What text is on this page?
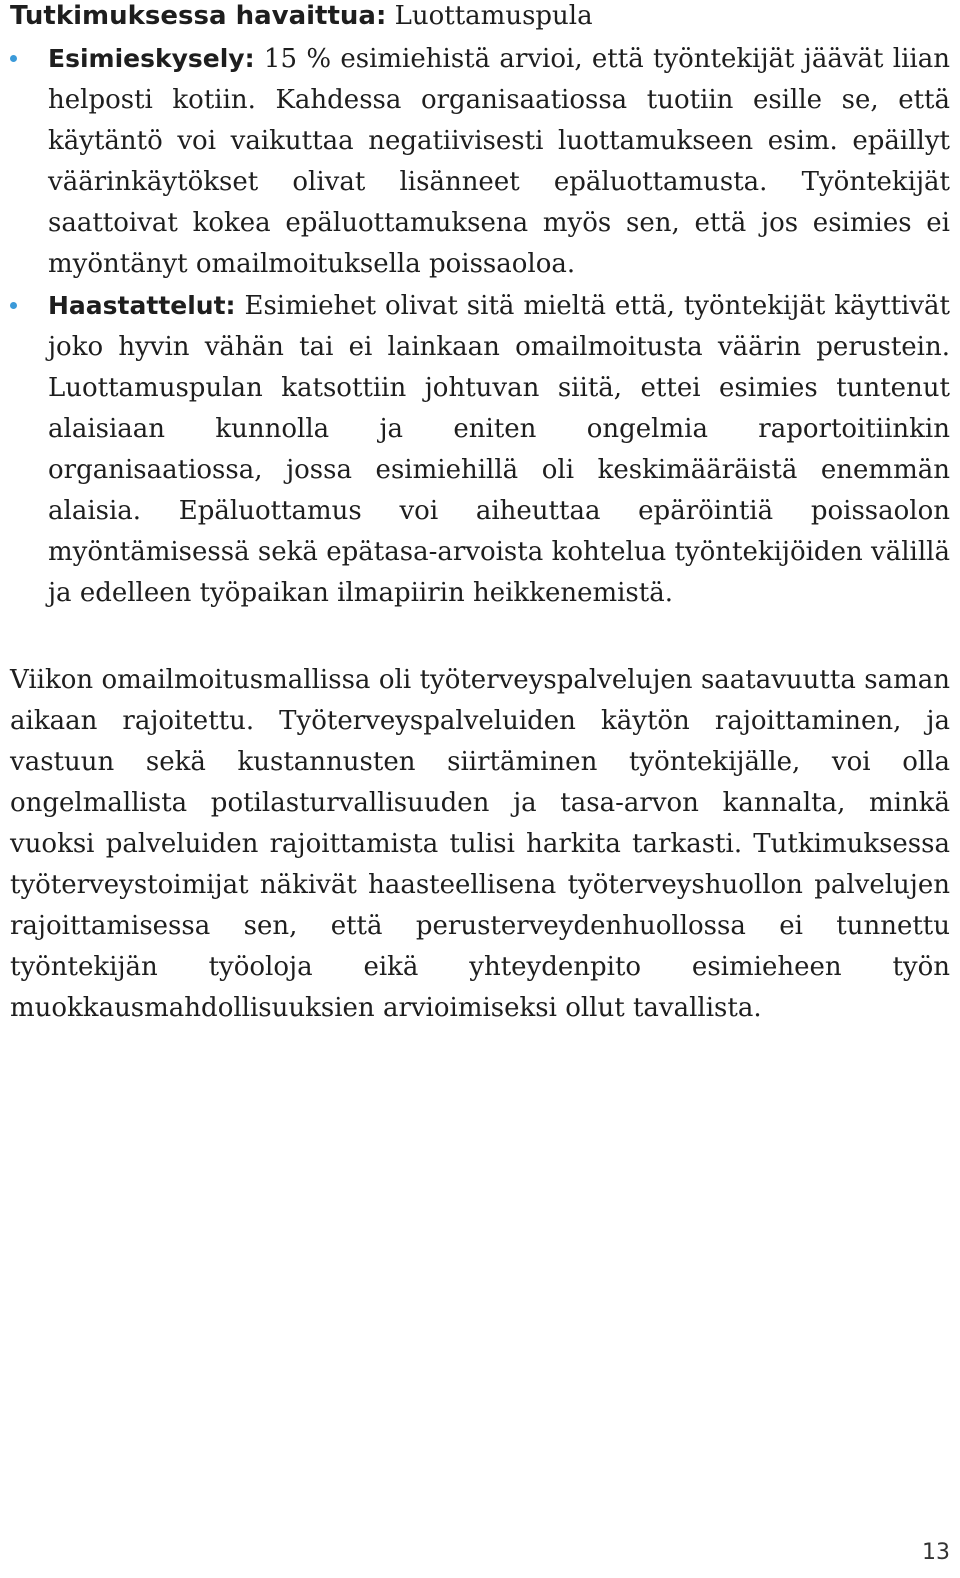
Tutkimuksessa havaittua: Luottamuspula
Esimieskysely: 15 % esimiehistä arvioi, että työntekijät jäävät liian helposti kotiin. Kahdessa organisaatiossa tuotiin esille se, että käytäntö voi vaikuttaa negatiivisesti luottamukseen esim. epäillyt väärinkäytökset olivat lisänneet epäluottamusta. Työntekijät saattoivat kokea epäluottamuksena myös sen, että jos esimies ei myöntänyt omailmoituksella poissaoloa.
Haastattelut: Esimiehet olivat sitä mieltä että, työntekijät käyttivät joko hyvin vähän tai ei lainkaan omailmoitusta väärin perustein. Luottamuspulan katsottiin johtuvan siitä, ettei esimies tuntenut alaisiaan kunnolla ja eniten ongelmia raportoitiinkin organisaatiossa, jossa esimiehillä oli keskimääräistä enemmän alaisia. Epäluottamus voi aiheuttaa epäröintiä poissaolon myöntämisessä sekä epätasa-arvoista kohtelua työntekijöiden välillä ja edelleen työpaikan ilmapiirin heikkenemistä.

Viikon omailmoitusmallissa oli työterveyspalvelujen saatavuutta saman aikaan rajoitettu. Työterveyspalveluiden käytön rajoittaminen, ja vastuun sekä kustannusten siirtäminen työntekijälle, voi olla ongelmallista potilasturvallisuuden ja tasa-arvon kannalta, minkä vuoksi palveluiden rajoittamista tulisi harkita tarkasti. Tutkimuksessa työterveystoimijat näkivät haasteellisena työterveyshuollon palvelujen rajoittamisessa sen, että perusterveydenhuollossa ei tunnettu työntekijän työoloja eikä yhteydenpito esimieheen työn muokkausmahdollisuuksien arvioimiseksi ollut tavallista.

13
